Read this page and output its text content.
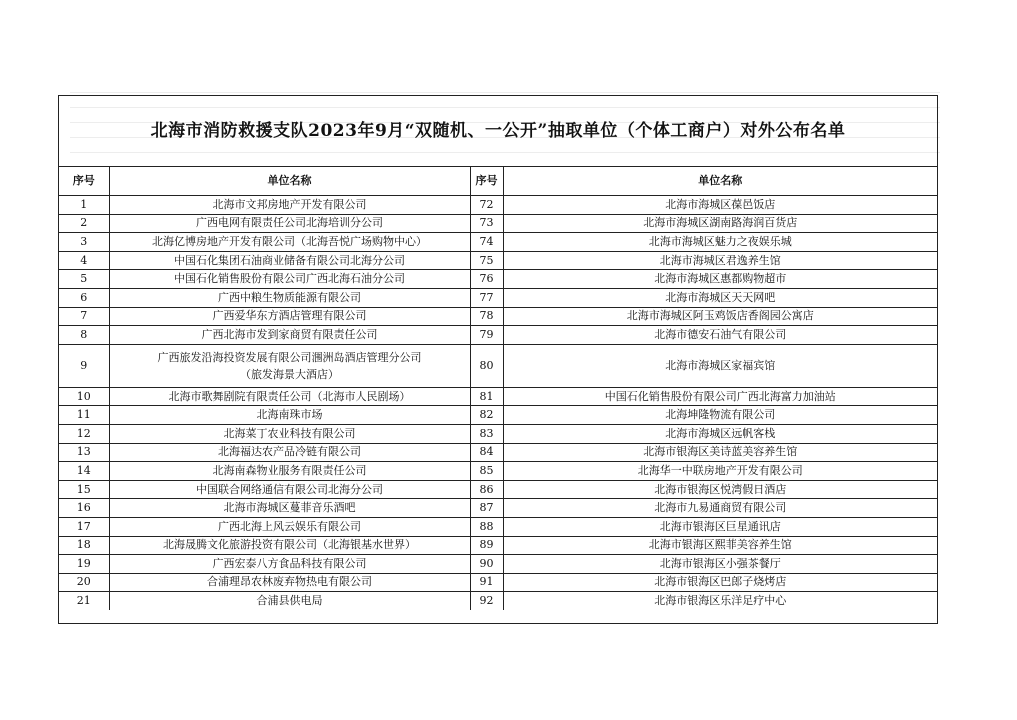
北海市消防救援支队2023年9月“双随机、一公开”抽取单位（个体工商户）对外公布名单
序号	单位名称	序号	单位名称
1	北海市文邦房地产开发有限公司	72	北海市海城区葆邑饭店
2	广西电网有限责任公司北海培训分公司	73	北海市海城区湖南路海润百货店
3	北海亿博房地产开发有限公司（北海吾悦广场购物中心）	74	北海市海城区魅力之夜娱乐城
4	中国石化集团石油商业储备有限公司北海分公司	75	北海市海城区君逸养生馆
5	中国石化销售股份有限公司广西北海石油分公司	76	北海市海城区惠都购物超市
6	广西中粮生物质能源有限公司	77	北海市海城区天天网吧
7	广西爱华东方酒店管理有限公司	78	北海市海城区阿玉鸡饭店香阁园公寓店
8	广西北海市发到家商贸有限责任公司	79	北海市德安石油气有限公司
9	广西旅发沿海投资发展有限公司涠洲岛酒店管理分公司
（旅发海景大酒店）	80	北海市海城区家福宾馆
10	北海市歌舞剧院有限责任公司（北海市人民剧场）	81	中国石化销售股份有限公司广西北海富力加油站
11	北海南珠市场	82	北海坤隆物流有限公司
12	北海菜丁农业科技有限公司	83	北海市海城区远帆客栈
13	北海福达农产品冷链有限公司	84	北海市银海区美诗蓝美容养生馆
14	北海南森物业服务有限责任公司	85	北海华一中联房地产开发有限公司
15	中国联合网络通信有限公司北海分公司	86	北海市银海区悦湾假日酒店
16	北海市海城区蔓菲音乐酒吧	87	北海市九易通商贸有限公司
17	广西北海上风云娱乐有限公司	88	北海市银海区巨星通讯店
18	北海晟腾文化旅游投资有限公司（北海银基水世界）	89	北海市银海区熙菲美容养生馆
19	广西宏泰八方食品科技有限公司	90	北海市银海区小强茶餐厅
20	合浦理昂农林废弃物热电有限公司	91	北海市银海区巴郎子烧烤店
21	合浦县供电局	92	北海市银海区乐洋足疗中心
